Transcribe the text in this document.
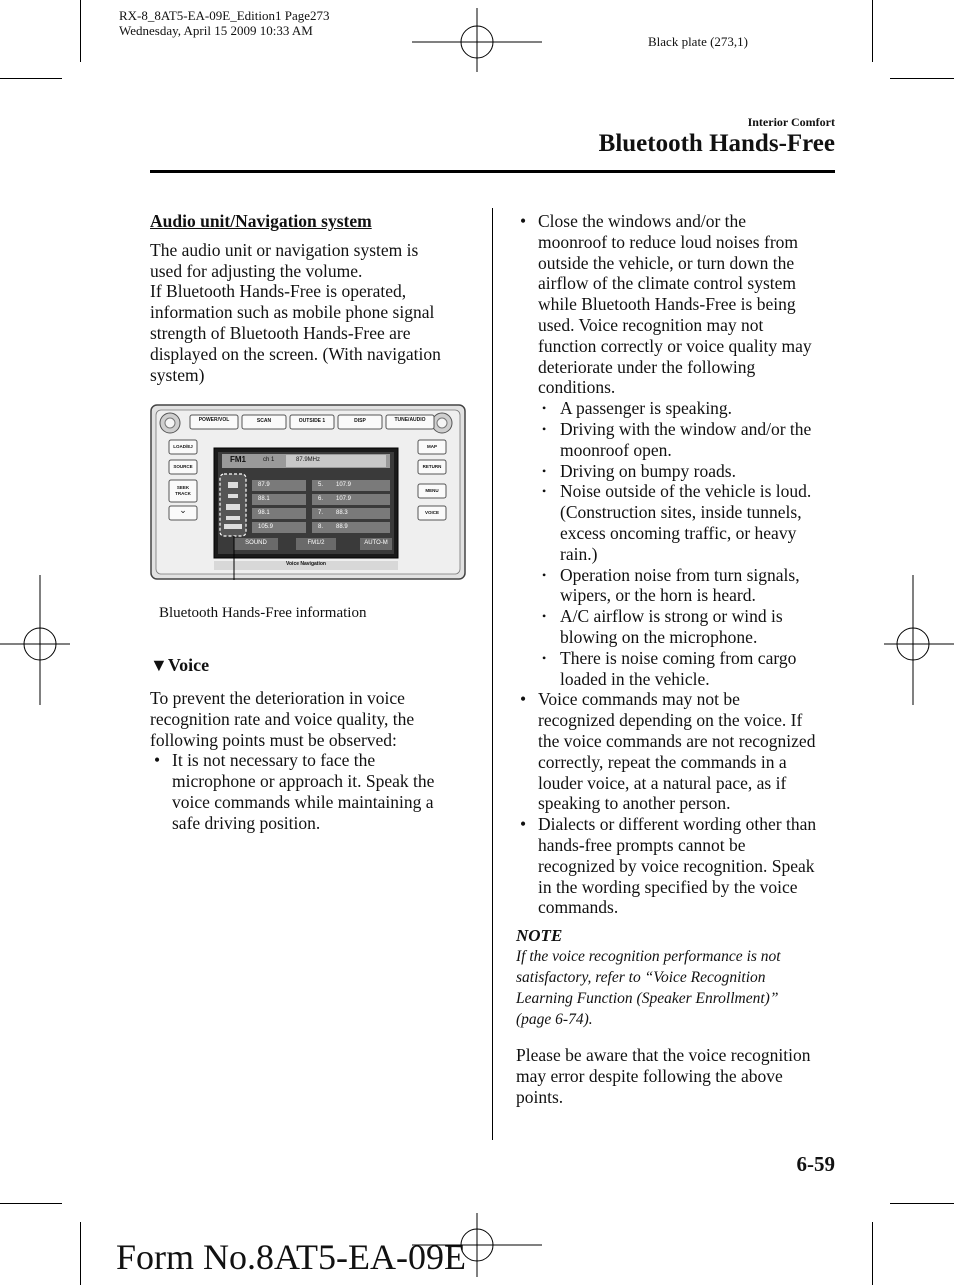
RX-8_8AT5-EA-09E_Edition1 Page273
Wednesday, April 15 2009 10:33 AM
Black plate (273,1)
Interior Comfort
Bluetooth Hands-Free
Audio unit/Navigation system
The audio unit or navigation system is
used for adjusting the volume.
If Bluetooth Hands-Free is operated,
information such as mobile phone signal
strength of Bluetooth Hands-Free are
displayed on the screen. (With navigation
system)
POWER/VOL	SCAN	OUTSIDE 1	DISP	TUNE/AUDIO
LOAD/EJ
SOURCE
SEEK TRACK
⌄
MAP
RETURN
MENU
VOICE
FM1	ch 1	87.9MHz
87.9
88.1
98.1
105.9
5.
6.
7.
8.
107.9
107.9
88.3
88.9
SOUND	FM1/2	AUTO-M
Voice Navigation
Bluetooth Hands-Free information
▼Voice
To prevent the deterioration in voice
recognition rate and voice quality, the
following points must be observed:
• It is not necessary to face the
microphone or approach it. Speak the
voice commands while maintaining a
safe driving position.
• Close the windows and/or the
moonroof to reduce loud noises from
outside the vehicle, or turn down the
airflow of the climate control system
while Bluetooth Hands-Free is being
used. Voice recognition may not
function correctly or voice quality may
deteriorate under the following
conditions.
• A passenger is speaking.
• Driving with the window and/or the
moonroof open.
• Driving on bumpy roads.
• Noise outside of the vehicle is loud.
(Construction sites, inside tunnels,
excess oncoming traffic, or heavy
rain.)
• Operation noise from turn signals,
wipers, or the horn is heard.
• A/C airflow is strong or wind is
blowing on the microphone.
• There is noise coming from cargo
loaded in the vehicle.
• Voice commands may not be
recognized depending on the voice. If
the voice commands are not recognized
correctly, repeat the commands in a
louder voice, at a natural pace, as if
speaking to another person.
• Dialects or different wording other than
hands-free prompts cannot be
recognized by voice recognition. Speak
in the wording specified by the voice
commands.
NOTE
If the voice recognition performance is not
satisfactory, refer to “Voice Recognition
Learning Function (Speaker Enrollment)”
(page 6-74).
Please be aware that the voice recognition
may error despite following the above
points.
6-59
Form No.8AT5-EA-09E
